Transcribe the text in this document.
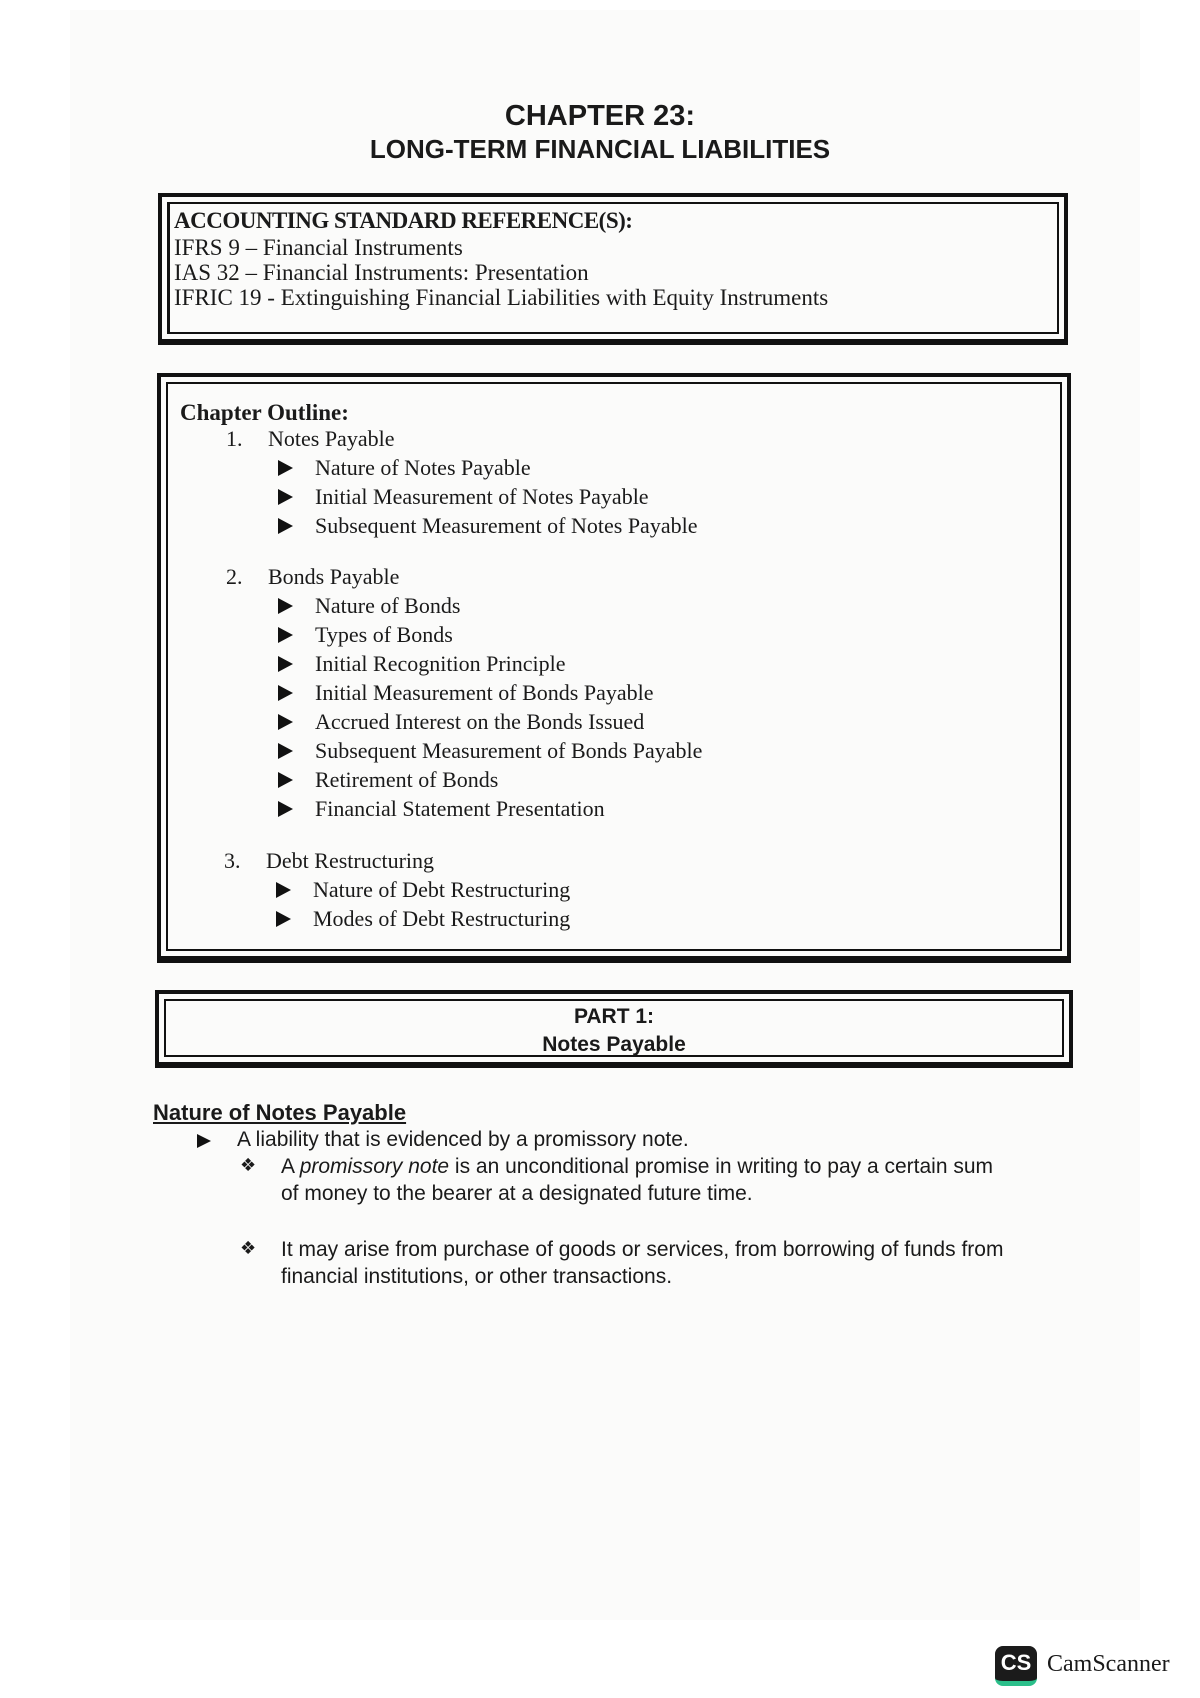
CHAPTER 23:
LONG-TERM FINANCIAL LIABILITIES
ACCOUNTING STANDARD REFERENCE(S):
IFRS 9 – Financial Instruments
IAS 32 – Financial Instruments: Presentation
IFRIC 19 - Extinguishing Financial Liabilities with Equity Instruments
Chapter Outline:
1. Notes Payable
Nature of Notes Payable
Initial Measurement of Notes Payable
Subsequent Measurement of Notes Payable
2. Bonds Payable
Nature of Bonds
Types of Bonds
Initial Recognition Principle
Initial Measurement of Bonds Payable
Accrued Interest on the Bonds Issued
Subsequent Measurement of Bonds Payable
Retirement of Bonds
Financial Statement Presentation
3. Debt Restructuring
Nature of Debt Restructuring
Modes of Debt Restructuring
PART 1:
Notes Payable
Nature of Notes Payable
A liability that is evidenced by a promissory note.
❖ A promissory note is an unconditional promise in writing to pay a certain sum
of money to the bearer at a designated future time.
❖ It may arise from purchase of goods or services, from borrowing of funds from
financial institutions, or other transactions.
CS CamScanner
